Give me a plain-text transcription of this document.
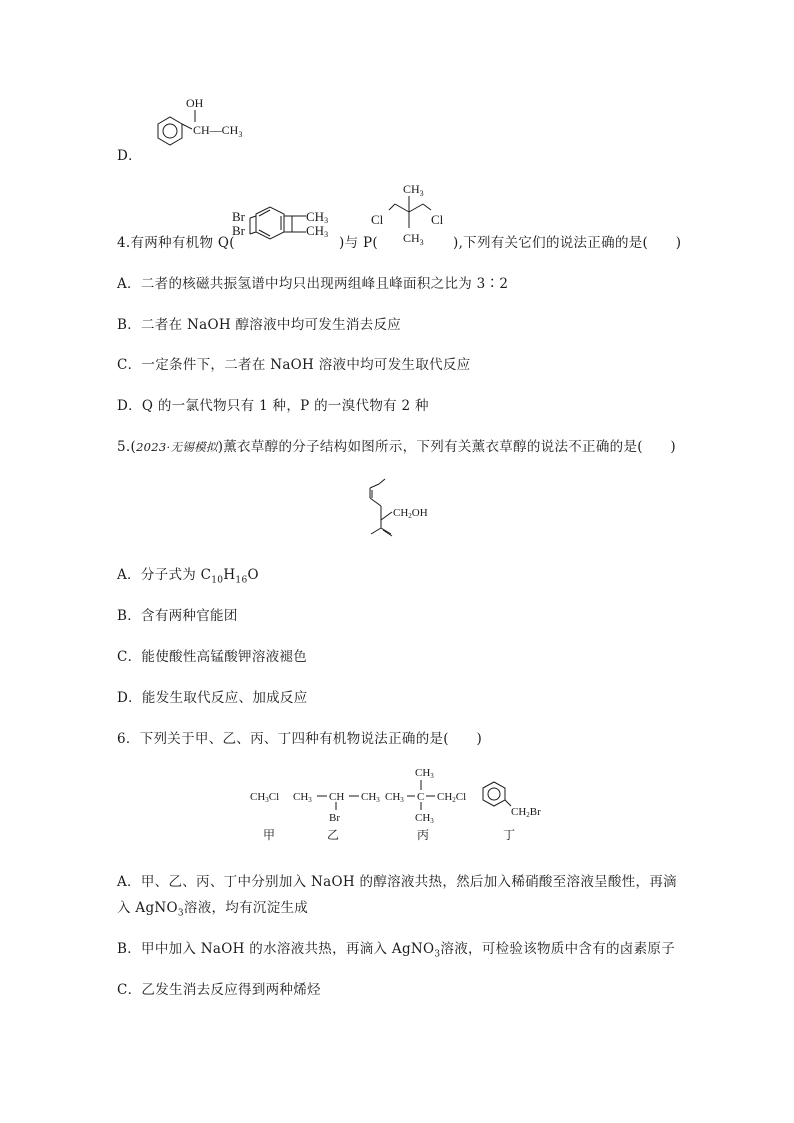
D．
OH
$CH—CH_3$
4.有两种有机物 Q(
Br
Br
CH3
CH3
)与 P(
$CH_3$
$CH_3$
Cl	Cl
),下列有关它们的说法正确的是(　　)
A．二者的核磁共振氢谱中均只出现两组峰且峰面积之比为 3∶2
B．二者在 NaOH 醇溶液中均可发生消去反应
C．一定条件下，二者在 NaOH 溶液中均可发生取代反应
D．Q 的一氯代物只有 1 种，P 的一溴代物有 2 种
5.(2023·无锡模拟)薰衣草醇的分子结构如图所示，下列有关薰衣草醇的说法不正确的是(　　)
CH2OH
A．分子式为 $C_{10}H_{16}O$
B．含有两种官能团
C．能使酸性高锰酸钾溶液褪色
D．能发生取代反应、加成反应
6．下列关于甲、乙、丙、丁四种有机物说法正确的是(　　)
CH3Cl
甲
CH3 CH CH3
Br
乙
CH3
CH3 C CH2Cl
CH3
丙
CH2Br
丁
A．甲、乙、丙、丁中分别加入 NaOH 的醇溶液共热，然后加入稀硝酸至溶液呈酸性，再滴
入 AgNO$_3$溶液，均有沉淀生成
B．甲中加入 NaOH 的水溶液共热，再滴入 AgNO$_3$溶液，可检验该物质中含有的卤素原子
C．乙发生消去反应得到两种烯烃
